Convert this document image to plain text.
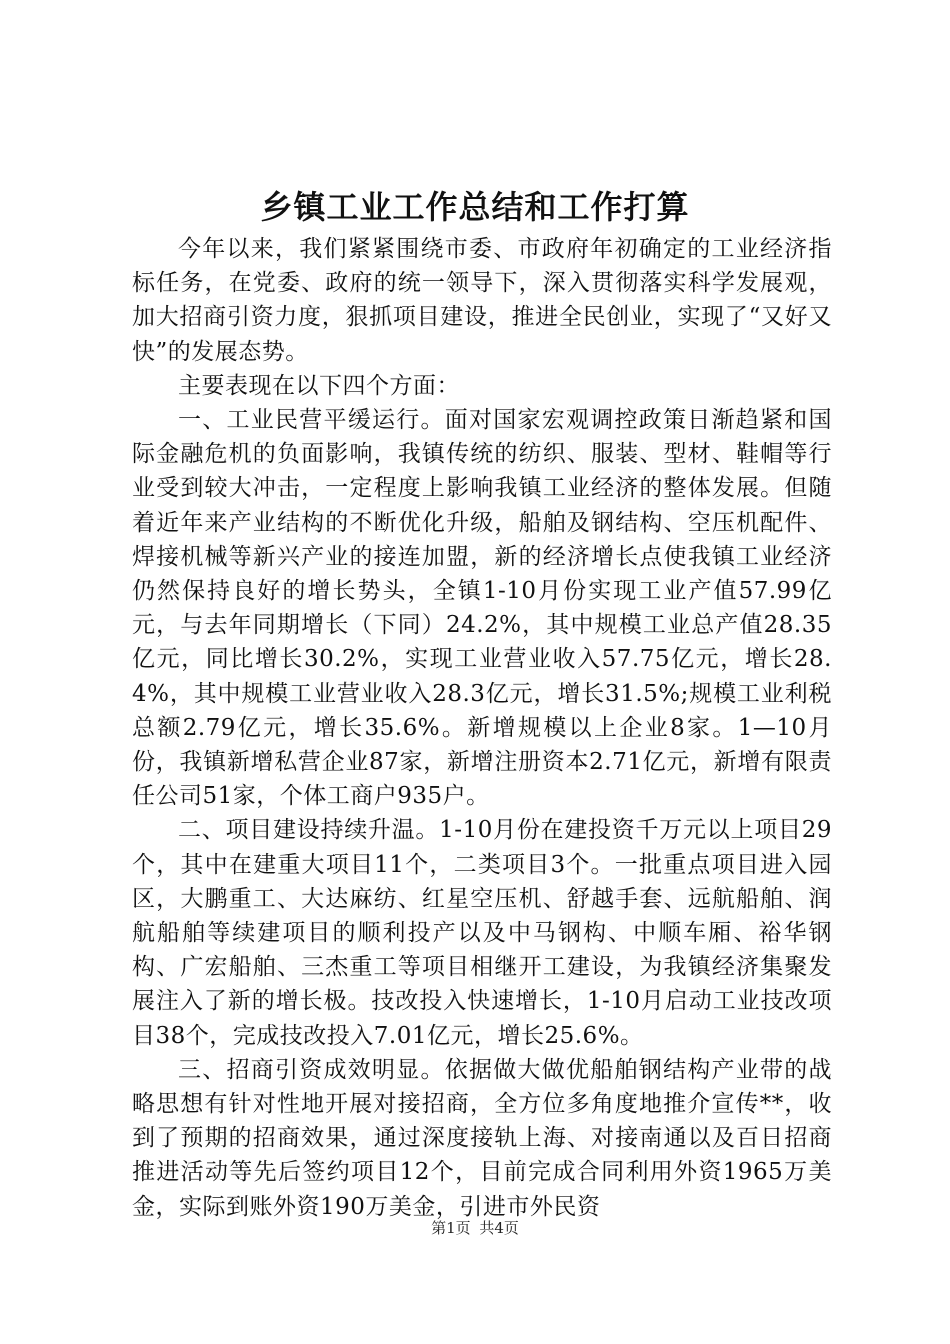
乡镇工业工作总结和工作打算

今年以来，我们紧紧围绕市委、市政府年初确定的工业经济指标任务，在党委、政府的统一领导下，深入贯彻落实科学发展观，加大招商引资力度，狠抓项目建设，推进全民创业，实现了“又好又快”的发展态势。

主要表现在以下四个方面：

一、工业民营平缓运行。面对国家宏观调控政策日渐趋紧和国际金融危机的负面影响，我镇传统的纺织、服装、型材、鞋帽等行业受到较大冲击，一定程度上影响我镇工业经济的整体发展。但随着近年来产业结构的不断优化升级，船舶及钢结构、空压机配件、焊接机械等新兴产业的接连加盟，新的经济增长点使我镇工业经济仍然保持良好的增长势头，全镇1-10月份实现工业产值57.99亿元，与去年同期增长（下同）24.2%，其中规模工业总产值28.35亿元，同比增长30.2%，实现工业营业收入57.75亿元，增长28.4%，其中规模工业营业收入28.3亿元，增长31.5%;规模工业利税总额2.79亿元，增长35.6%。新增规模以上企业8家。1—10月份，我镇新增私营企业87家，新增注册资本2.71亿元，新增有限责任公司51家，个体工商户935户。

二、项目建设持续升温。1-10月份在建投资千万元以上项目29个，其中在建重大项目11个，二类项目3个。一批重点项目进入园区，大鹏重工、大达麻纺、红星空压机、舒越手套、远航船舶、润航船舶等续建项目的顺利投产以及中马钢构、中顺车厢、裕华钢构、广宏船舶、三杰重工等项目相继开工建设，为我镇经济集聚发展注入了新的增长极。技改投入快速增长，1-10月启动工业技改项目38个，完成技改投入7.01亿元，增长25.6%。

三、招商引资成效明显。依据做大做优船舶钢结构产业带的战略思想有针对性地开展对接招商，全方位多角度地推介宣传**，收到了预期的招商效果，通过深度接轨上海、对接南通以及百日招商推进活动等先后签约项目12个，目前完成合同利用外资1965万美金，实际到账外资190万美金，引进市外民资

第1页 共4页
